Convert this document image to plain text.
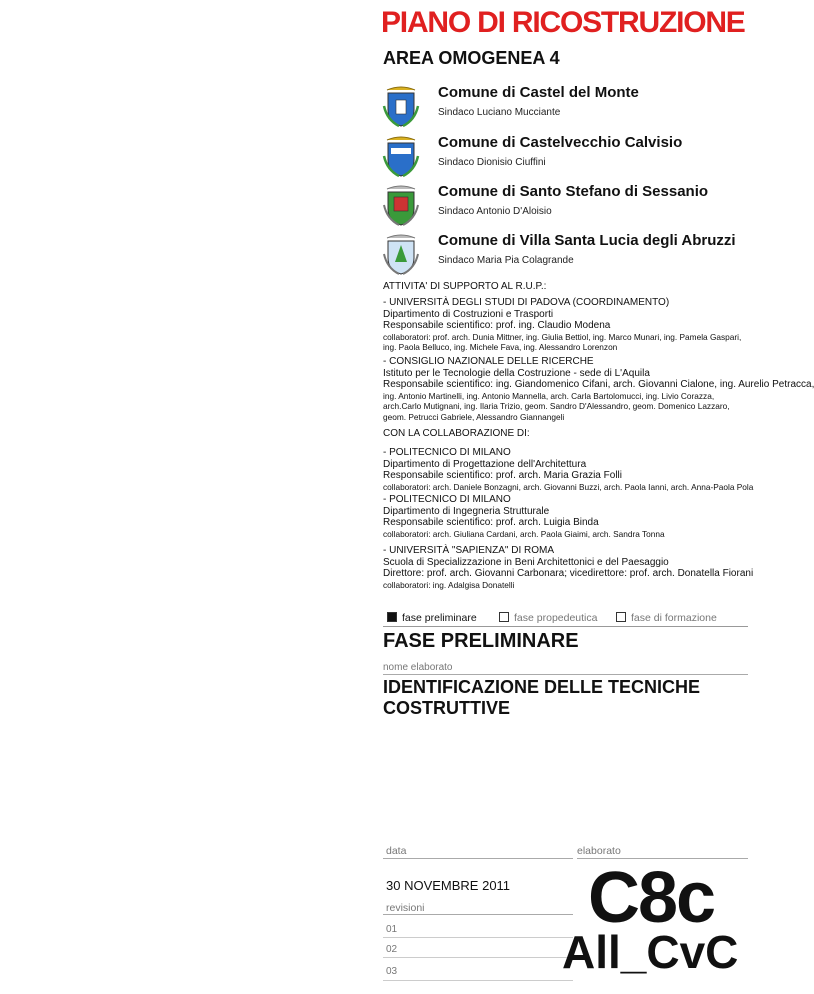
PIANO DI RICOSTRUZIONE
AREA OMOGENEA 4
Comune di Castel del Monte
Sindaco Luciano Mucciante
Comune di Castelvecchio Calvisio
Sindaco Dionisio Ciuffini
Comune di Santo Stefano di Sessanio
Sindaco Antonio D'Aloisio
Comune di Villa Santa Lucia degli Abruzzi
Sindaco Maria Pia Colagrande
ATTIVITA' DI SUPPORTO AL R.U.P.:
- UNIVERSITÀ DEGLI STUDI DI PADOVA (COORDINAMENTO)
Dipartimento di Costruzioni e Trasporti
Responsabile scientifico: prof. ing. Claudio Modena
collaboratori: prof. arch. Dunia Mittner, ing. Giulia Bettiol, ing. Marco Munari, ing. Pamela Gaspari,
ing. Paola Belluco, ing. Michele Fava, ing. Alessandro Lorenzon
- CONSIGLIO NAZIONALE DELLE RICERCHE
Istituto per le Tecnologie della Costruzione - sede di L'Aquila
Responsabile scientifico: ing. Giandomenico Cifani, arch. Giovanni Cialone, ing. Aurelio Petracca,
ing. Antonio Martinelli, ing. Antonio Mannella, arch. Carla Bartolomucci, ing. Livio Corazza,
arch.Carlo Mutignani, ing. Ilaria Trizio, geom. Sandro D'Alessandro, geom. Domenico Lazzaro,
geom. Petrucci Gabriele, Alessandro Giannangeli
CON LA COLLABORAZIONE DI:
- POLITECNICO DI MILANO
Dipartimento di Progettazione dell'Architettura
Responsabile scientifico: prof. arch. Maria Grazia Folli
collaboratori: arch. Daniele Bonzagni, arch. Giovanni Buzzi, arch. Paola Ianni, arch. Anna-Paola Pola
- POLITECNICO DI MILANO
Dipartimento di Ingegneria Strutturale
Responsabile scientifico: prof. arch. Luigia Binda
collaboratori: arch. Giuliana Cardani, arch. Paola Giaimi, arch. Sandra Tonna
- UNIVERSITÀ "SAPIENZA" DI ROMA
Scuola di Specializzazione in Beni Architettonici e del Paesaggio
Direttore: prof. arch. Giovanni Carbonara; vicedirettore: prof. arch. Donatella Fiorani
collaboratori: ing. Adalgisa Donatelli
fase preliminare	fase propedeutica	fase di formazione
FASE PRELIMINARE
nome elaborato
IDENTIFICAZIONE DELLE TECNICHE COSTRUTTIVE
data	elaborato
30 NOVEMBRE 2011
revisioni
01
02
03
C8c
All_CvC
